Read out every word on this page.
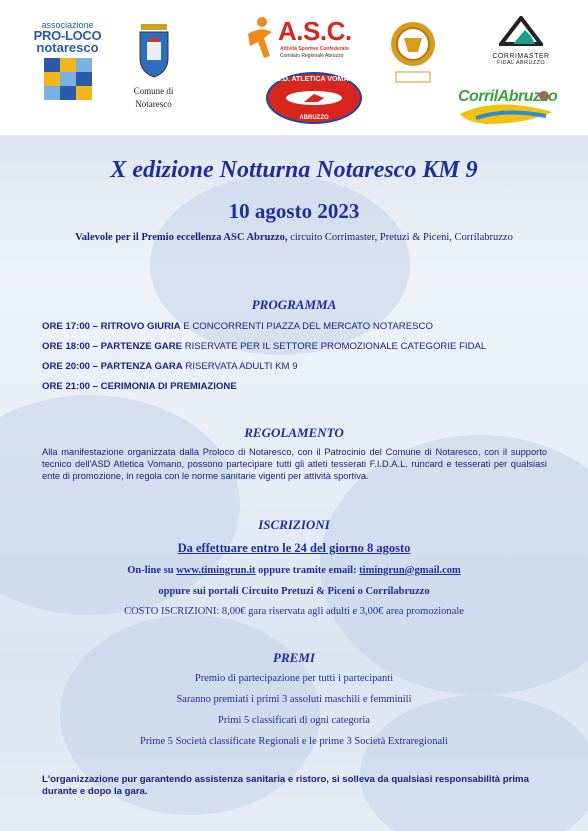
associazione
PRO-LOCO
notaresco
Comune di
Notaresco
A.S.C.
Attività Sportive Confederate
Comitato Regionale Abruzzo
A.S.D. ATLETICA VOMANO
ABRUZZO
CORRIMASTER
FIDAL ABRUZZO
CorrilAbruzzo
X edizione Notturna Notaresco KM 9
10 agosto 2023
Valevole per il Premio eccellenza ASC Abruzzo, circuito Corrimaster, Pretuzi & Piceni, Corrilabruzzo
PROGRAMMA
ORE 17:00 – RITROVO GIURIA E CONCORRENTI PIAZZA DEL MERCATO NOTARESCO
ORE 18:00 – PARTENZE GARE RISERVATE PER IL SETTORE PROMOZIONALE CATEGORIE FIDAL
ORE 20:00 – PARTENZA GARA RISERVATA ADULTI KM 9
ORE 21:00 – CERIMONIA DI PREMIAZIONE
REGOLAMENTO
Alla manifestazione organizzata dalla Proloco di Notaresco, con il Patrocinio del Comune di Notaresco, con il supporto tecnico dell'ASD Atletica Vomano, possono partecipare tutti gli atleti tesserati F.I.D.A.L. runcard e tesserati per qualsiasi ente di promozione, in regola con le norme sanitarie vigenti per attività sportiva.
ISCRIZIONI
Da effettuare entro le 24 del giorno 8 agosto
On-line su www.timingrun.it oppure tramite email: timingrun@gmail.com
oppure sui portali Circuito Pretuzi & Piceni o Corrilabruzzo
COSTO ISCRIZIONI: 8,00€ gara riservata agli adulti e 3,00€ area promozionale
PREMI
Premio di partecipazione per tutti i partecipanti
Saranno premiati i primi 3 assoluti maschili e femminili
Primi 5 classificati di ogni categoria
Prime 5 Società classificate Regionali e le prime 3 Società Extraregionali
L'organizzazione pur garantendo assistenza sanitaria e ristoro, si solleva da qualsiasi responsabilità prima durante e dopo la gara.
